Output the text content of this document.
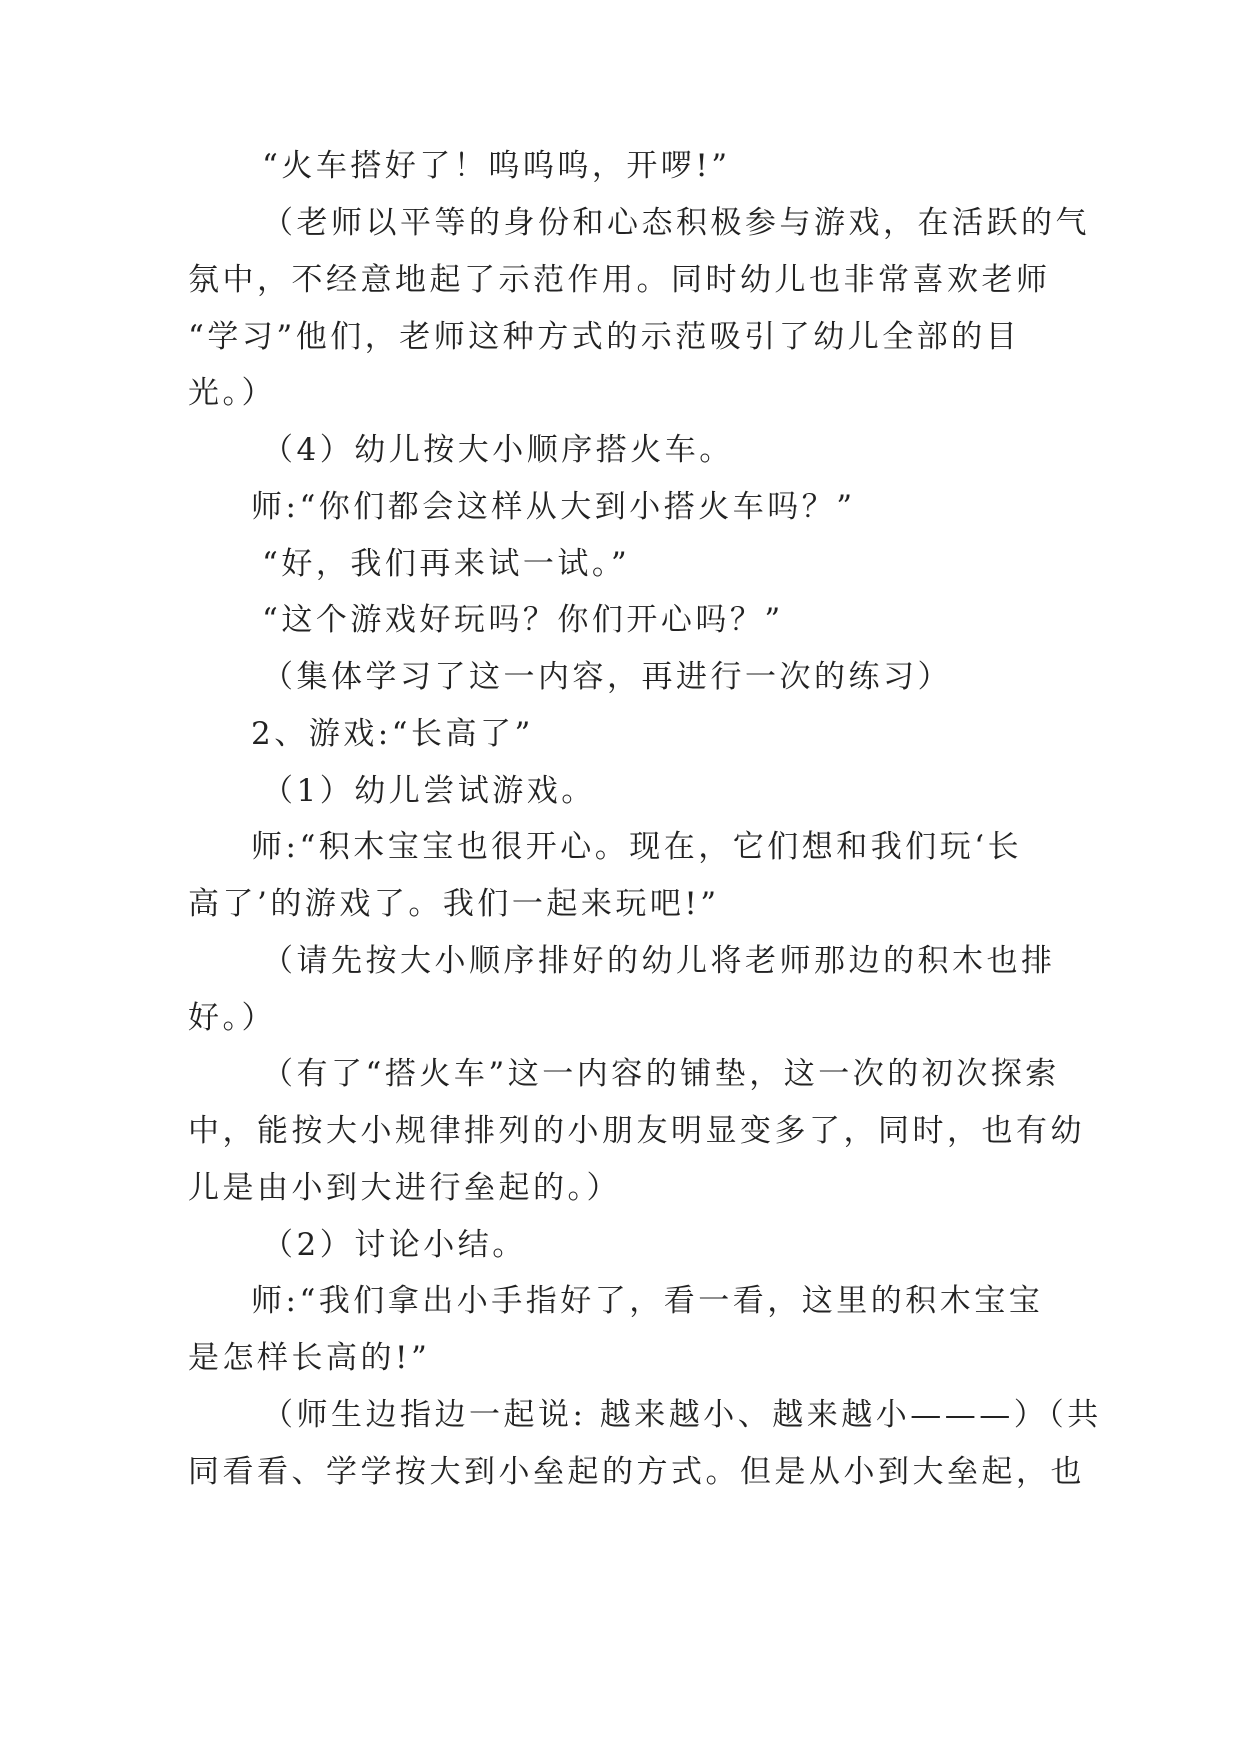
“火车搭好了！呜呜呜，开啰!”
（老师以平等的身份和心态积极参与游戏，在活跃的气
氛中，不经意地起了示范作用。同时幼儿也非常喜欢老师
“学习”他们，老师这种方式的示范吸引了幼儿全部的目
光。）
（4）幼儿按大小顺序搭火车。
师:“你们都会这样从大到小搭火车吗？”
“好，我们再来试一试。”
“这个游戏好玩吗？你们开心吗？”
（集体学习了这一内容，再进行一次的练习）
2、游戏:“长高了”
（1）幼儿尝试游戏。
师:“积木宝宝也很开心。现在，它们想和我们玩‘长
高了’的游戏了。我们一起来玩吧!”
（请先按大小顺序排好的幼儿将老师那边的积木也排
好。）
（有了“搭火车”这一内容的铺垫，这一次的初次探索
中，能按大小规律排列的小朋友明显变多了，同时，也有幼
儿是由小到大进行垒起的。）
（2）讨论小结。
师:“我们拿出小手指好了，看一看，这里的积木宝宝
是怎样长高的!”
（师生边指边一起说: 越来越小、越来越小———）（共
同看看、学学按大到小垒起的方式。但是从小到大垒起，也
